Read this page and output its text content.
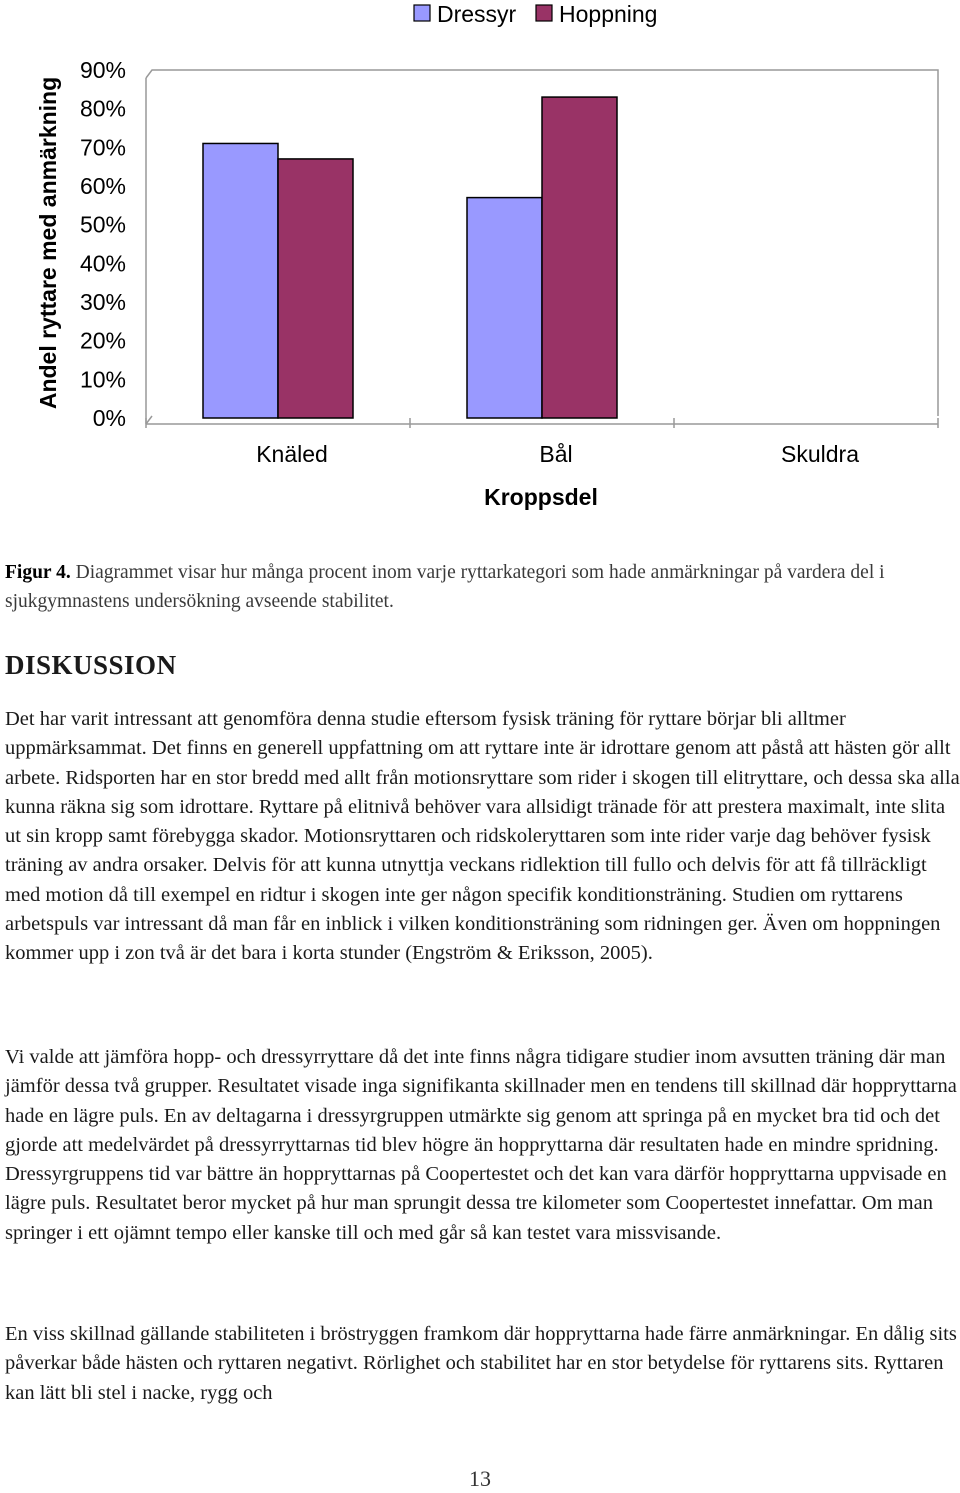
Dressyr Hoppning
0%
10%
20%
30%
40%
50%
60%
70%
80%
90%
Knäled	Bål	Skuldra
Andel ryttare med anmärkning
Kroppsdel
Figur 4. Diagrammet visar hur många procent inom varje ryttarkategori som hade anmärkningar på vardera del i sjukgymnastens undersökning avseende stabilitet.
DISKUSSION

Det har varit intressant att genomföra denna studie eftersom fysisk träning för ryttare börjar bli alltmer uppmärksammat. Det finns en generell uppfattning om att ryttare inte är idrottare genom att påstå att hästen gör allt arbete. Ridsporten har en stor bredd med allt från motionsryttare som rider i skogen till elitryttare, och dessa ska alla kunna räkna sig som idrottare. Ryttare på elitnivå behöver vara allsidigt tränade för att prestera maximalt, inte slita ut sin kropp samt förebygga skador. Motionsryttaren och ridskoleryttaren som inte rider varje dag behöver fysisk träning av andra orsaker. Delvis för att kunna utnyttja veckans ridlektion till fullo och delvis för att få tillräckligt med motion då till exempel en ridtur i skogen inte ger någon specifik konditionsträning. Studien om ryttarens arbetspuls var intressant då man får en inblick i vilken konditionsträning som ridningen ger. Även om hoppningen kommer upp i zon två är det bara i korta stunder (Engström & Eriksson, 2005).

Vi valde att jämföra hopp- och dressyrryttare då det inte finns några tidigare studier inom avsutten träning där man jämför dessa två grupper. Resultatet visade inga signifikanta skillnader men en tendens till skillnad där hoppryttarna hade en lägre puls. En av deltagarna i dressyrgruppen utmärkte sig genom att springa på en mycket bra tid och det gjorde att medelvärdet på dressyrryttarnas tid blev högre än hoppryttarna där resultaten hade en mindre spridning. Dressyrgruppens tid var bättre än hoppryttarnas på Coopertestet och det kan vara därför hoppryttarna uppvisade en lägre puls. Resultatet beror mycket på hur man sprungit dessa tre kilometer som Coopertestet innefattar. Om man springer i ett ojämnt tempo eller kanske till och med går så kan testet vara missvisande.

En viss skillnad gällande stabiliteten i bröstryggen framkom där hoppryttarna hade färre anmärkningar. En dålig sits påverkar både hästen och ryttaren negativt. Rörlighet och stabilitet har en stor betydelse för ryttarens sits. Ryttaren kan lätt bli stel i nacke, rygg och

13
